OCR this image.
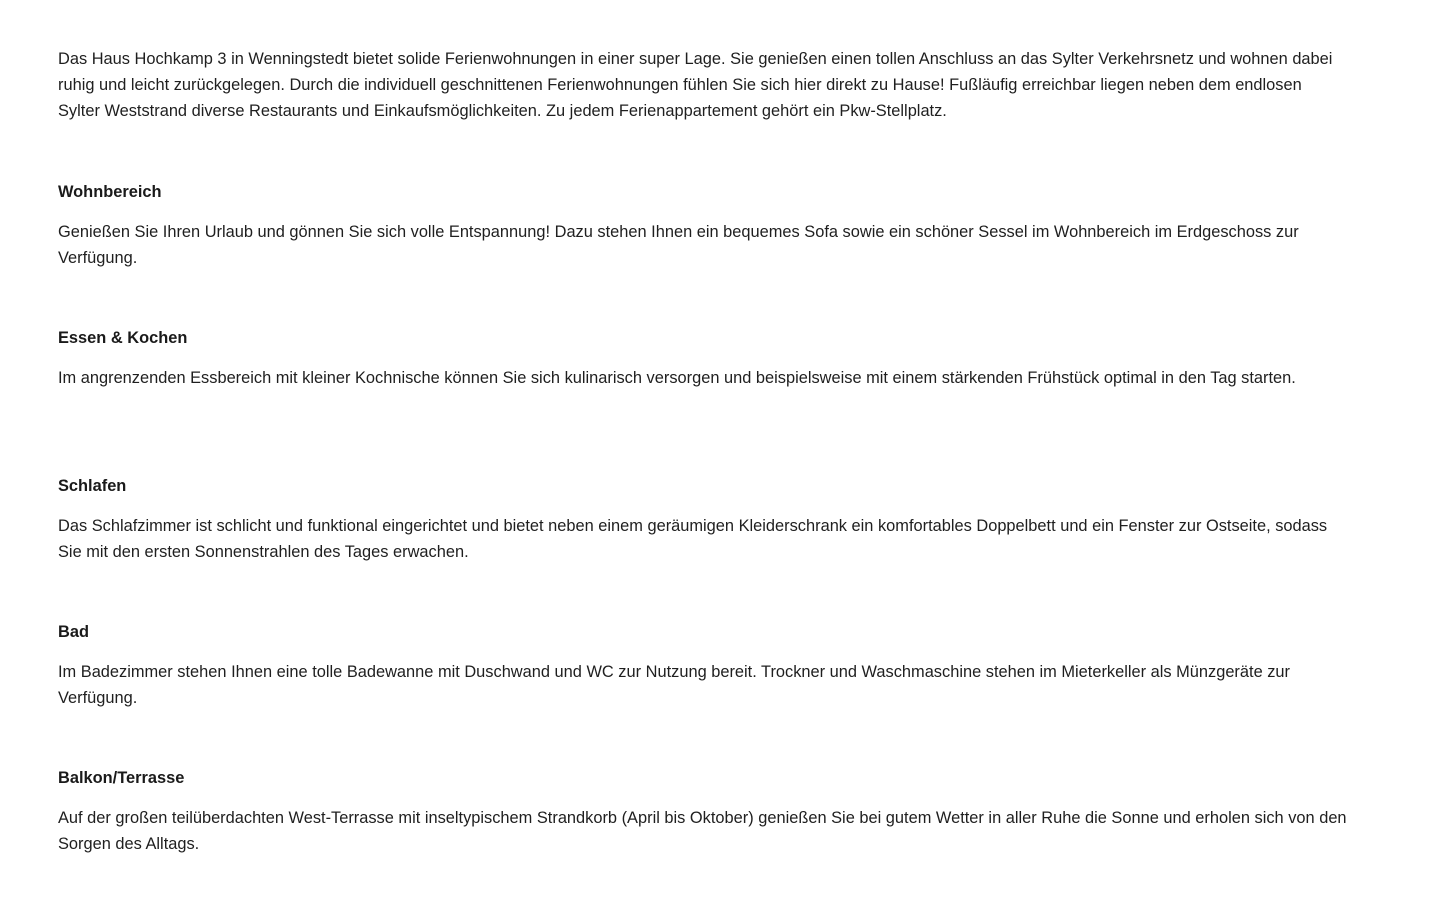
Das Haus Hochkamp 3 in Wenningstedt bietet solide Ferienwohnungen in einer super Lage. Sie genießen einen tollen Anschluss an das Sylter Verkehrsnetz und wohnen dabei ruhig und leicht zurückgelegen. Durch die individuell geschnittenen Ferienwohnungen fühlen Sie sich hier direkt zu Hause! Fußläufig erreichbar liegen neben dem endlosen Sylter Weststrand diverse Restaurants und Einkaufsmöglichkeiten. Zu jedem Ferienappartement gehört ein Pkw-Stellplatz.

Wohnbereich

Genießen Sie Ihren Urlaub und gönnen Sie sich volle Entspannung! Dazu stehen Ihnen ein bequemes Sofa sowie ein schöner Sessel im Wohnbereich im Erdgeschoss zur Verfügung.

Essen & Kochen

Im angrenzenden Essbereich mit kleiner Kochnische können Sie sich kulinarisch versorgen und beispielsweise mit einem stärkenden Frühstück optimal in den Tag starten.

Schlafen

Das Schlafzimmer ist schlicht und funktional eingerichtet und bietet neben einem geräumigen Kleiderschrank ein komfortables Doppelbett und ein Fenster zur Ostseite, sodass Sie mit den ersten Sonnenstrahlen des Tages erwachen.

Bad

Im Badezimmer stehen Ihnen eine tolle Badewanne mit Duschwand und WC zur Nutzung bereit. Trockner und Waschmaschine stehen im Mieterkeller als Münzgeräte zur Verfügung.

Balkon/Terrasse

Auf der großen teilüberdachten West-Terrasse mit inseltypischem Strandkorb (April bis Oktober) genießen Sie bei gutem Wetter in aller Ruhe die Sonne und erholen sich von den Sorgen des Alltags.
